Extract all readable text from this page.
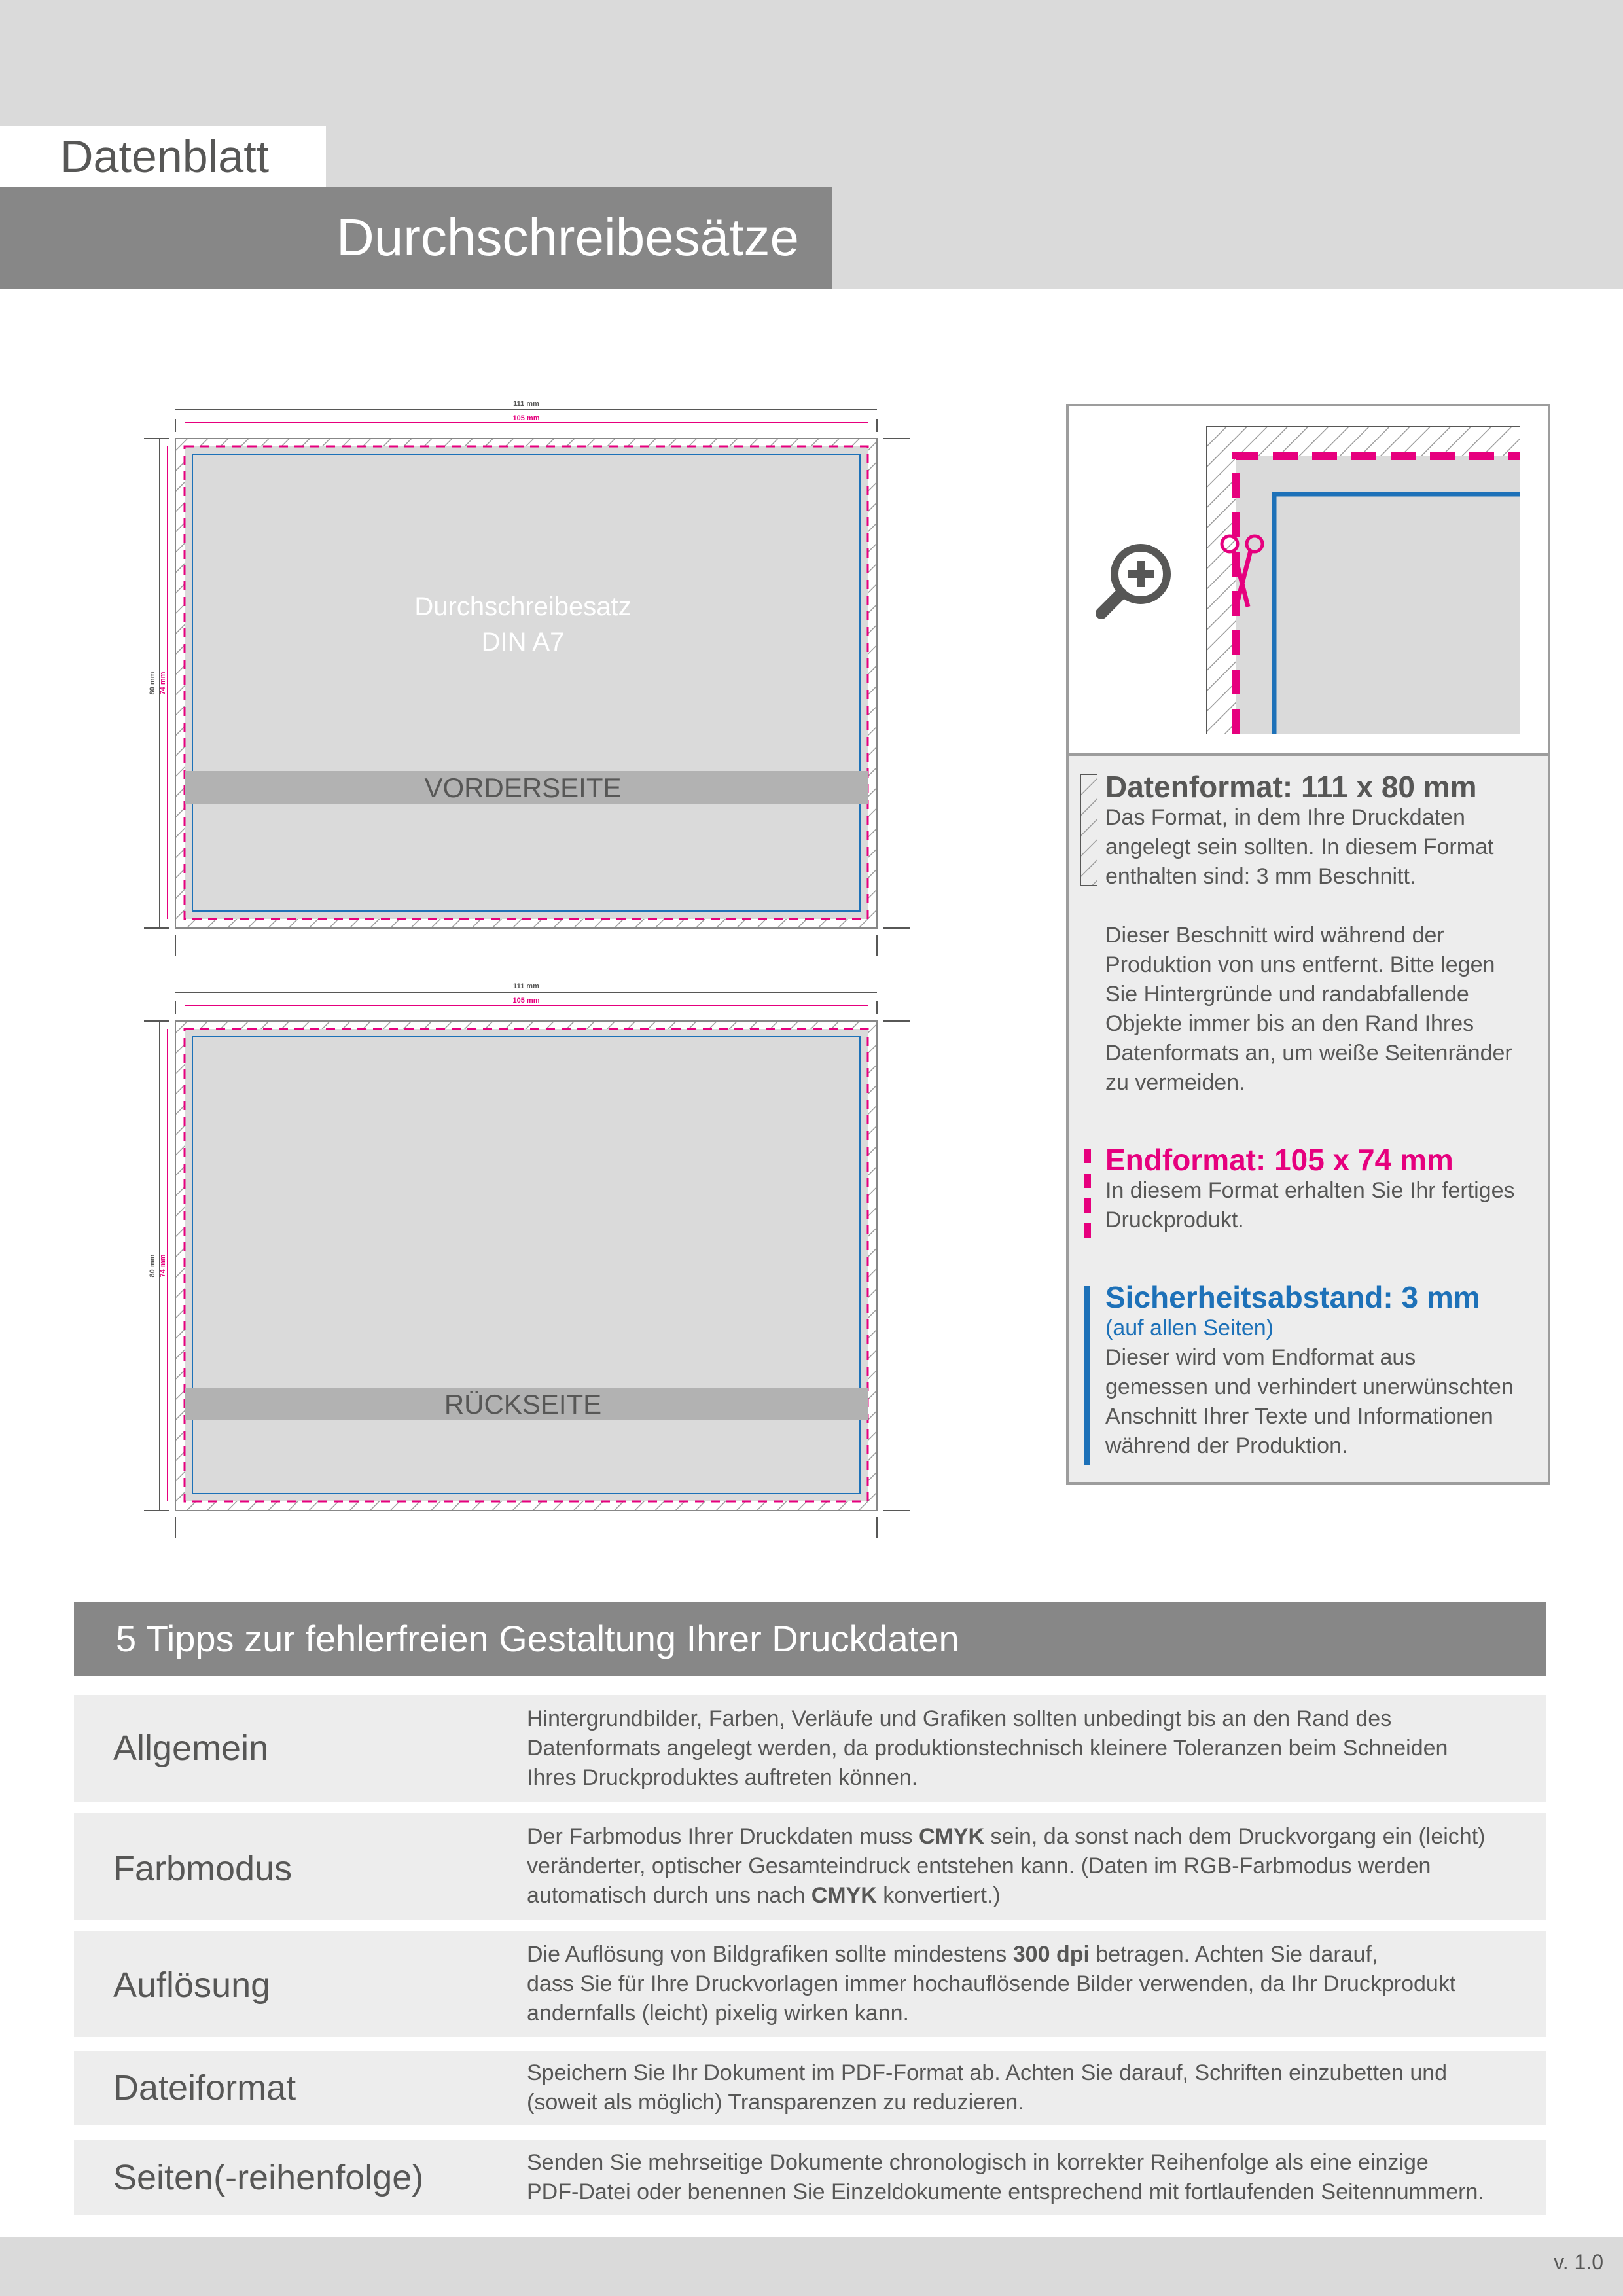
Datenblatt
Durchschreibesätze
111 mm
105 mm
80 mm 74 mm
Durchschreibesatz
DIN A7
VORDERSEITE
111 mm
105 mm
80 mm 74 mm
RÜCKSEITE
Datenformat: 111 x 80 mm
Das Format, in dem Ihre Druckdaten
angelegt sein sollten. In diesem Format
enthalten sind: 3 mm Beschnitt.
Dieser Beschnitt wird während der
Produktion von uns entfernt. Bitte legen
Sie Hintergründe und randabfallende
Objekte immer bis an den Rand Ihres
Datenformats an, um weiße Seitenränder
zu vermeiden.
Endformat: 105 x 74 mm
In diesem Format erhalten Sie Ihr fertiges
Druckprodukt.
Sicherheitsabstand: 3 mm
(auf allen Seiten)
Dieser wird vom Endformat aus
gemessen und verhindert unerwünschten
Anschnitt Ihrer Texte und Informationen
während der Produktion.
5 Tipps zur fehlerfreien Gestaltung Ihrer Druckdaten
Allgemein
Hintergrundbilder, Farben, Verläufe und Grafiken sollten unbedingt bis an den Rand des
Datenformats angelegt werden, da produktionstechnisch kleinere Toleranzen beim Schneiden
Ihres Druckproduktes auftreten können.
Farbmodus
Der Farbmodus Ihrer Druckdaten muss CMYK sein, da sonst nach dem Druckvorgang ein (leicht)
veränderter, optischer Gesamteindruck entstehen kann. (Daten im RGB-Farbmodus werden
automatisch durch uns nach CMYK konvertiert.)
Auflösung
Die Auflösung von Bildgrafiken sollte mindestens 300 dpi betragen. Achten Sie darauf,
dass Sie für Ihre Druckvorlagen immer hochauflösende Bilder verwenden, da Ihr Druckprodukt
andernfalls (leicht) pixelig wirken kann.
Dateiformat	Speichern Sie Ihr Dokument im PDF-Format ab. Achten Sie darauf, Schriften einzubetten und
(soweit als möglich) Transparenzen zu reduzieren.
Seiten(-reihenfolge)	Senden Sie mehrseitige Dokumente chronologisch in korrekter Reihenfolge als eine einzige
PDF-Datei oder benennen Sie Einzeldokumente entsprechend mit fortlaufenden Seitennummern.
v. 1.0
